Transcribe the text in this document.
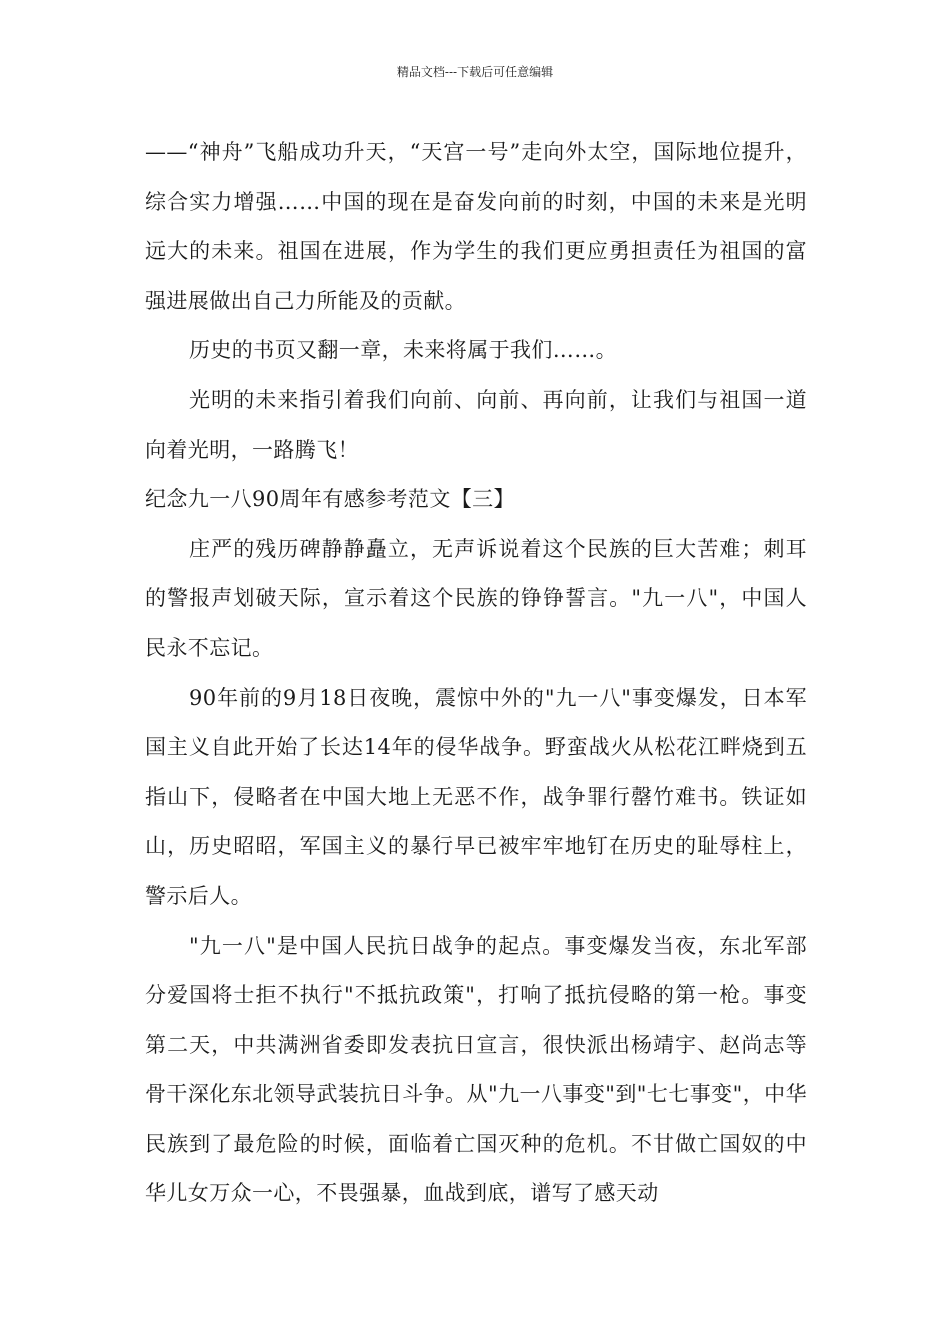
精品文档---下载后可任意编辑

——“神舟”飞船成功升天，“天宫一号”走向外太空，国际地位提升，综合实力增强……中国的现在是奋发向前的时刻，中国的未来是光明远大的未来。祖国在进展，作为学生的我们更应勇担责任为祖国的富强进展做出自己力所能及的贡献。

历史的书页又翻一章，未来将属于我们……。

光明的未来指引着我们向前、向前、再向前，让我们与祖国一道向着光明，一路腾飞！

纪念九一八90周年有感参考范文【三】

庄严的残历碑静静矗立，无声诉说着这个民族的巨大苦难；刺耳的警报声划破天际，宣示着这个民族的铮铮誓言。"九一八"，中国人民永不忘记。

90年前的9月18日夜晚，震惊中外的"九一八"事变爆发，日本军国主义自此开始了长达14年的侵华战争。野蛮战火从松花江畔烧到五指山下，侵略者在中国大地上无恶不作，战争罪行罄竹难书。铁证如山，历史昭昭，军国主义的暴行早已被牢牢地钉在历史的耻辱柱上，警示后人。

"九一八"是中国人民抗日战争的起点。事变爆发当夜，东北军部分爱国将士拒不执行"不抵抗政策"，打响了抵抗侵略的第一枪。事变第二天，中共满洲省委即发表抗日宣言，很快派出杨靖宇、赵尚志等骨干深化东北领导武装抗日斗争。从"九一八事变"到"七七事变"，中华民族到了最危险的时候，面临着亡国灭种的危机。不甘做亡国奴的中华儿女万众一心，不畏强暴，血战到底，谱写了感天动
